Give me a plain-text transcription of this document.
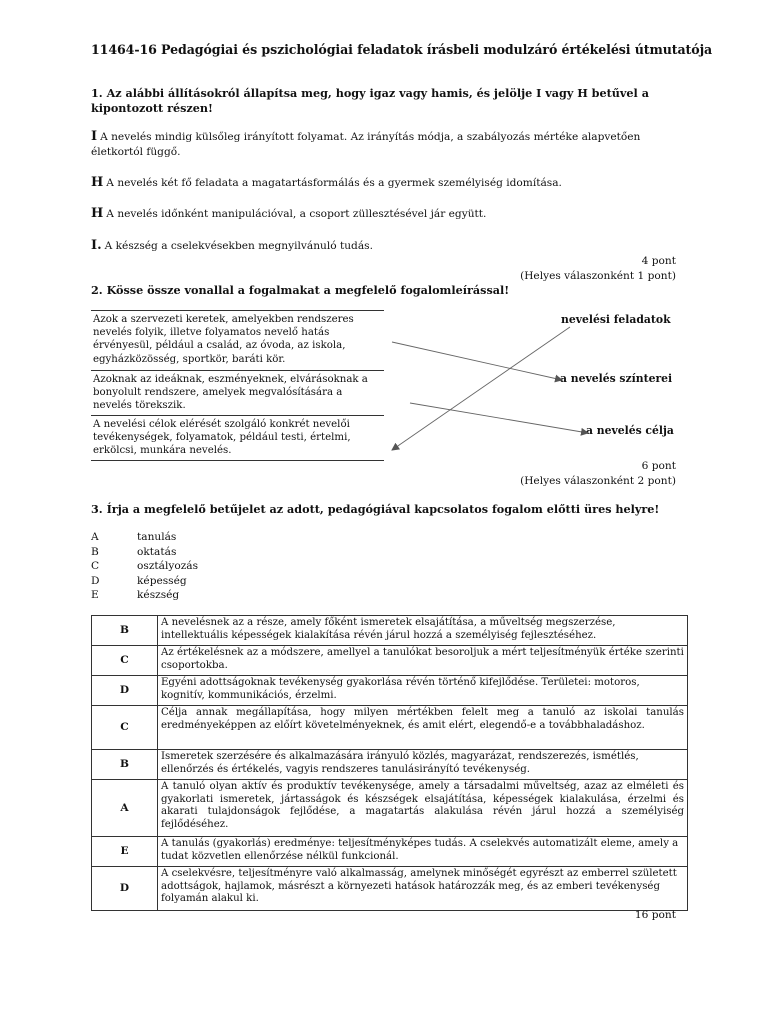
11464-16 Pedagógiai és pszichológiai feladatok írásbeli modulzáró értékelési útmutatója
1. Az alábbi állításokról állapítsa meg, hogy igaz vagy hamis, és jelölje I vagy H betűvel a
kipontozott részen!
I A nevelés mindig külsőleg irányított folyamat. Az irányítás módja, a szabályozás mértéke alapvetően
életkortól függő.
H A nevelés két fő feladata a magatartásformálás és a gyermek személyiség idomítása.
H A nevelés időnként manipulációval, a csoport züllesztésével jár együtt.
I. A készség a cselekvésekben megnyilvánuló tudás.
4 pont
(Helyes válaszonként 1 pont)
2. Kösse össze vonallal a fogalmakat a megfelelő fogalomleírással!
Azok a szervezeti keretek, amelyekben rendszeres nevelés folyik, illetve folyamatos nevelő hatás érvényesül, például a család, az óvoda, az iskola, egyházközösség, sportkör, baráti kör.
Azoknak az ideáknak, eszményeknek, elvárásoknak a bonyolult rendszere, amelyek megvalósítására a nevelés törekszik.
A nevelési célok elérését szolgáló konkrét nevelői tevékenységek, folyamatok, például testi, értelmi, erkölcsi, munkára nevelés.
nevelési feladatok
a nevelés színterei
a nevelés célja
6 pont
(Helyes válaszonként 2 pont)
3. Írja a megfelelő betűjelet az adott, pedagógiával kapcsolatos fogalom előtti üres helyre!
A	tanulás
B	oktatás
C	osztályozás
D	képesség
E	készség
B	A nevelésnek az a része, amely főként ismeretek elsajátítása, a műveltség megszerzése, intellektuális képességek kialakítása révén járul hozzá a személyiség fejlesztéséhez.
C	Az értékelésnek az a módszere, amellyel a tanulókat besoroljuk a mért teljesítményük értéke szerinti csoportokba.
D	Egyéni adottságoknak tevékenység gyakorlása révén történő kifejlődése. Területei: motoros, kognitív, kommunikációs, érzelmi.
C	Célja annak megállapítása, hogy milyen mértékben felelt meg a tanuló az iskolai tanulás eredményeképpen az előírt követelményeknek, és amit elért, elegendő-e a továbbhaladáshoz.
B	Ismeretek szerzésére és alkalmazására irányuló közlés, magyarázat, rendszerezés, ismétlés, ellenőrzés és értékelés, vagyis rendszeres tanulásirányító tevékenység.
A	A tanuló olyan aktív és produktív tevékenysége, amely a társadalmi műveltség, azaz az elméleti és gyakorlati ismeretek, jártasságok és készségek elsajátítása, képességek kialakulása, érzelmi és akarati tulajdonságok fejlődése, a magatartás alakulása révén járul hozzá a személyiség fejlődéséhez.
E	A tanulás (gyakorlás) eredménye: teljesítményképes tudás. A cselekvés automatizált eleme, amely a tudat közvetlen ellenőrzése nélkül funkcionál.
D	A cselekvésre, teljesítményre való alkalmasság, amelynek minőségét egyrészt az emberrel született adottságok, hajlamok, másrészt a környezeti hatások határozzák meg, és az emberi tevékenység folyamán alakul ki.
16 pont
